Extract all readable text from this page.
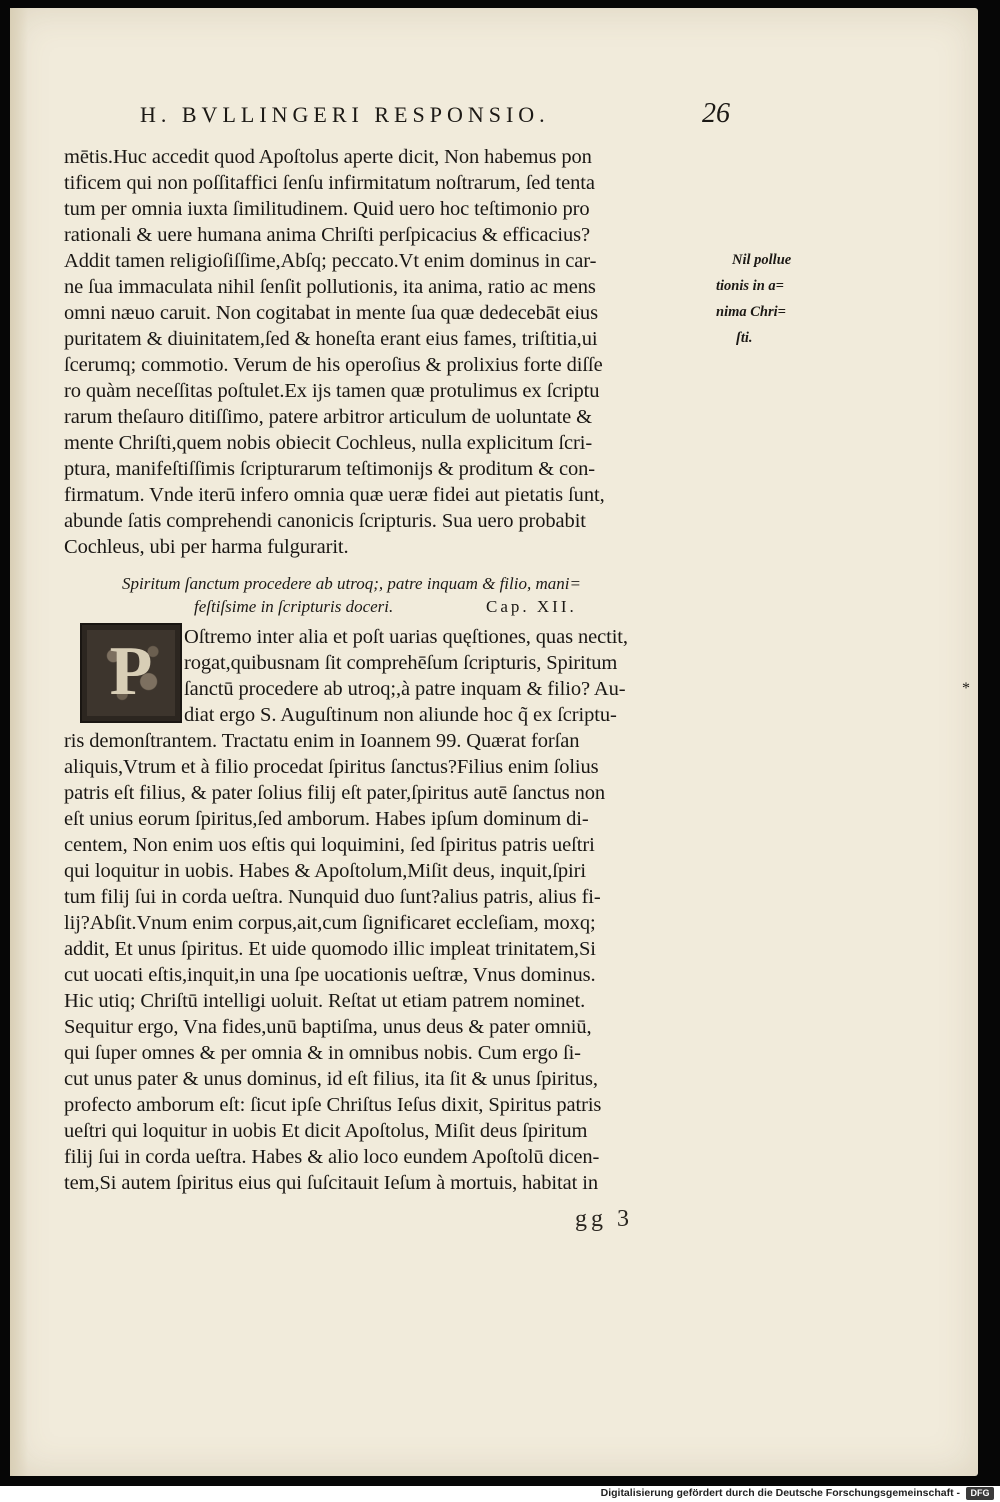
H. BVLLINGERI RESPONSIO.	26
mētis.Huc accedit quod Apoſtolus aperte dicit, Non habemus pon
tificem qui non poſſitaffici ſenſu infirmitatum noſtrarum, ſed tenta
tum per omnia iuxta ſimilitudinem. Quid uero hoc teſtimonio pro
rationali & uere humana anima Chriſti perſpicacius & efficacius?
Addit tamen religioſiſſime,Abſq; peccato.Vt enim dominus in car-
ne ſua immaculata nihil ſenſit pollutionis, ita anima, ratio ac mens
omni næuo caruit. Non cogitabat in mente ſua quæ dedecebāt eius
puritatem & diuinitatem,ſed & honeſta erant eius fames, triſtitia,ui
ſcerumq; commotio. Verum de his operoſius & prolixius forte diſſe
ro quàm neceſſitas poſtulet.Ex ijs tamen quæ protulimus ex ſcriptu
rarum theſauro ditiſſimo, patere arbitror articulum de uoluntate &
mente Chriſti,quem nobis obiecit Cochleus, nulla explicitum ſcri-
ptura, manifeſtiſſimis ſcripturarum teſtimonijs & proditum & con-
firmatum. Vnde iterū infero omnia quæ ueræ fidei aut pietatis ſunt,
abunde ſatis comprehendi canonicis ſcripturis. Sua uero probabit
Cochleus, ubi per harma fulgurarit.
Oſtremo inter alia et poſt uarias quęſtiones, quas nectit,
rogat,quibusnam ſit comprehēſum ſcripturis, Spiritum
ſanctū procedere ab utroq;,à patre inquam & filio? Au-
diat ergo S. Auguſtinum non aliunde hoc q̃ ex ſcriptu-
ris demonſtrantem. Tractatu enim in Ioannem 99. Quærat forſan
aliquis,Vtrum et à filio procedat ſpiritus ſanctus?Filius enim ſolius
patris eſt filius, & pater ſolius filij eſt pater,ſpiritus autē ſanctus non
eſt unius eorum ſpiritus,ſed amborum. Habes ipſum dominum di-
centem, Non enim uos eſtis qui loquimini, ſed ſpiritus patris ueſtri
qui loquitur in uobis. Habes & Apoſtolum,Miſit deus, inquit,ſpiri
tum filij ſui in corda ueſtra. Nunquid duo ſunt?alius patris, alius fi-
lij?Abſit.Vnum enim corpus,ait,cum ſignificaret eccleſiam, moxq;
addit, Et unus ſpiritus. Et uide quomodo illic impleat trinitatem,Si
cut uocati eſtis,inquit,in una ſpe uocationis ueſtræ, Vnus dominus.
Hic utiq; Chriſtū intelligi uoluit. Reſtat ut etiam patrem nominet.
Sequitur ergo, Vna fides,unū baptiſma, unus deus & pater omniū,
qui ſuper omnes & per omnia & in omnibus nobis. Cum ergo ſi-
cut unus pater & unus dominus, id eſt filius, ita ſit & unus ſpiritus,
profecto amborum eſt: ſicut ipſe Chriſtus Ieſus dixit, Spiritus patris
ueſtri qui loquitur in uobis Et dicit Apoſtolus, Miſit deus ſpiritum
filij ſui in corda ueſtra. Habes & alio loco eundem Apoſtolū dicen-
tem,Si autem ſpiritus eius qui ſuſcitauit Ieſum à mortuis, habitat in
Spiritum ſanctum procedere ab utroq;, patre inquam & filio, mani=
feſtiſsime in ſcripturis doceri.	Cap. XII.
P
Nil pollue
tionis in a=
nima Chri=
ſti.
*
gg 3
Digitalisierung gefördert durch die Deutsche Forschungsgemeinschaft -	DFG
